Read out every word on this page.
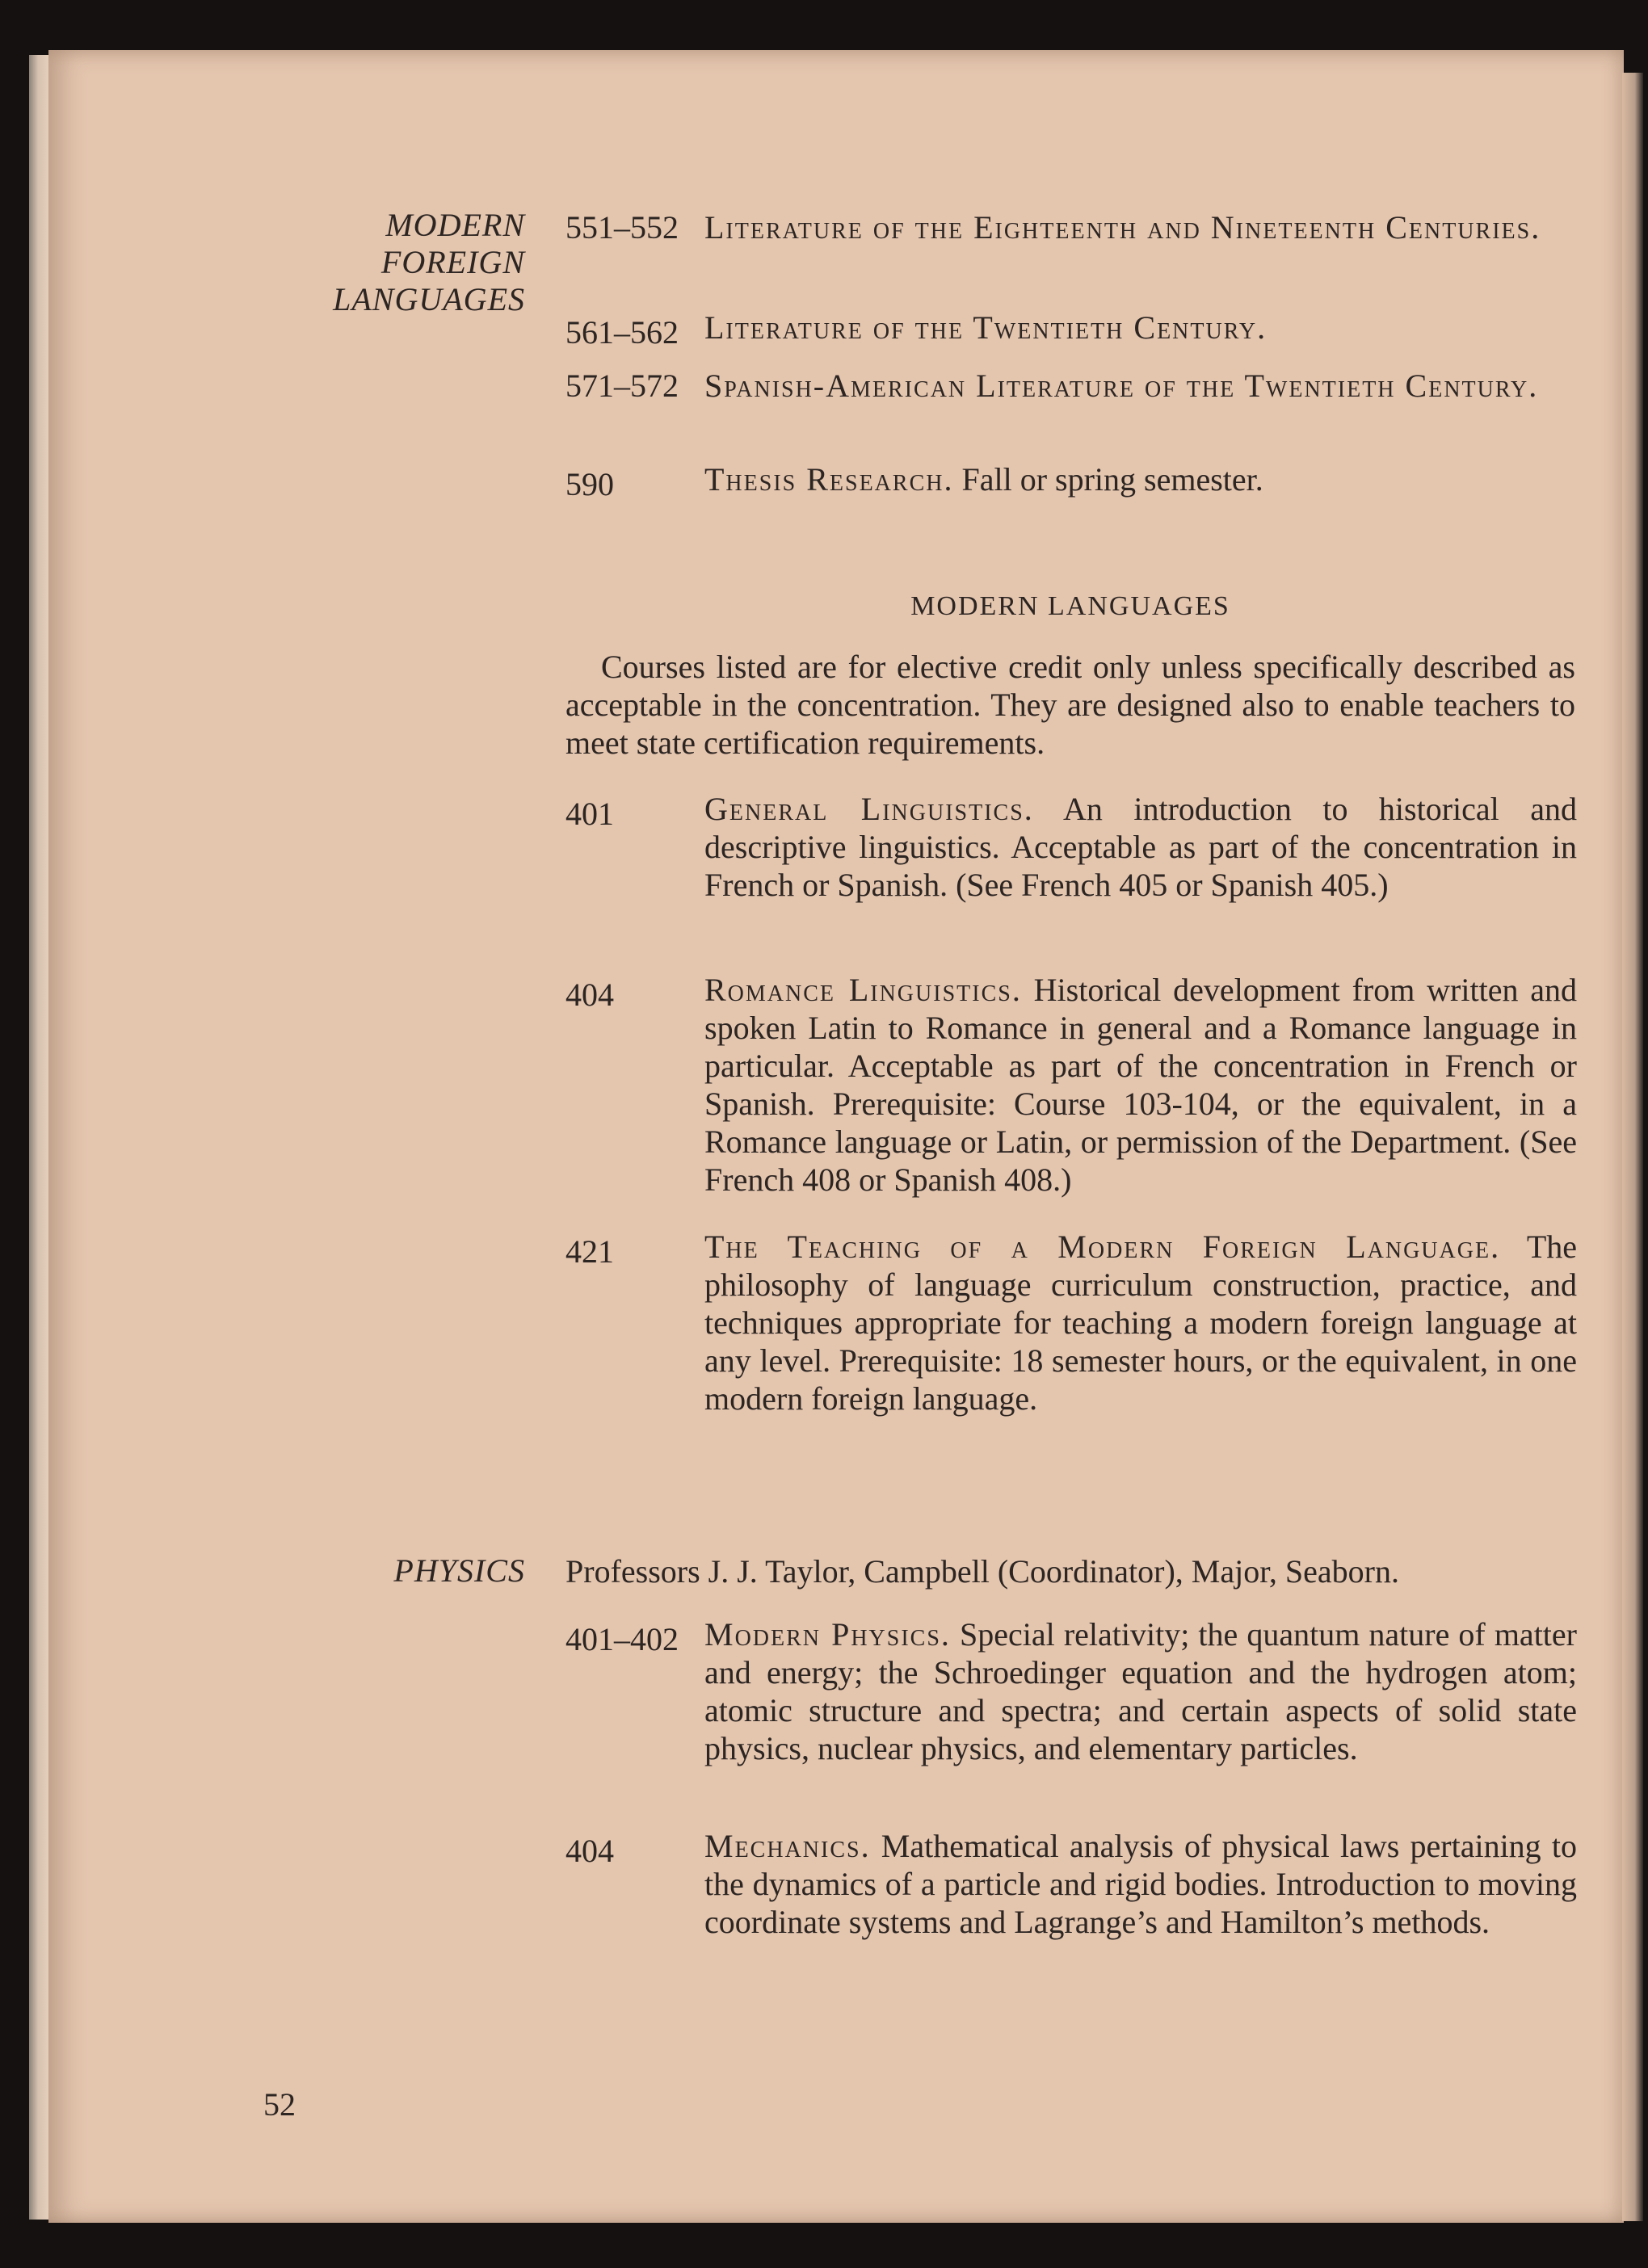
MODERN
FOREIGN
LANGUAGES
551–552 Literature of the Eighteenth and Nineteenth Centuries.
561–562 Literature of the Twentieth Century.
571–572 Spanish-American Literature of the Twentieth Century.
590	Thesis Research. Fall or spring semester.
MODERN LANGUAGES
Courses listed are for elective credit only unless specifically described as acceptable in the concentration. They are designed also to enable teachers to meet state certification requirements.
401	General Linguistics. An introduction to historical and descriptive linguistics. Acceptable as part of the concentration in French or Spanish. (See French 405 or Spanish 405.)
404	Romance Linguistics. Historical development from written and spoken Latin to Romance in general and a Romance language in particular. Acceptable as part of the concentration in French or Spanish. Prerequisite: Course 103-104, or the equivalent, in a Romance language or Latin, or permission of the Department. (See French 408 or Spanish 408.)
421	The Teaching of a Modern Foreign Language. The philosophy of language curriculum construction, practice, and techniques appropriate for teaching a modern foreign language at any level. Prerequisite: 18 semester hours, or the equivalent, in one modern foreign language.
PHYSICS Professors J. J. Taylor, Campbell (Coordinator), Major, Seaborn.
401–402 Modern Physics. Special relativity; the quantum nature of matter and energy; the Schroedinger equation and the hydrogen atom; atomic structure and spectra; and certain aspects of solid state physics, nuclear physics, and elementary particles.
404	Mechanics. Mathematical analysis of physical laws pertaining to the dynamics of a particle and rigid bodies. Introduction to moving coordinate systems and Lagrange’s and Hamilton’s methods.
52
